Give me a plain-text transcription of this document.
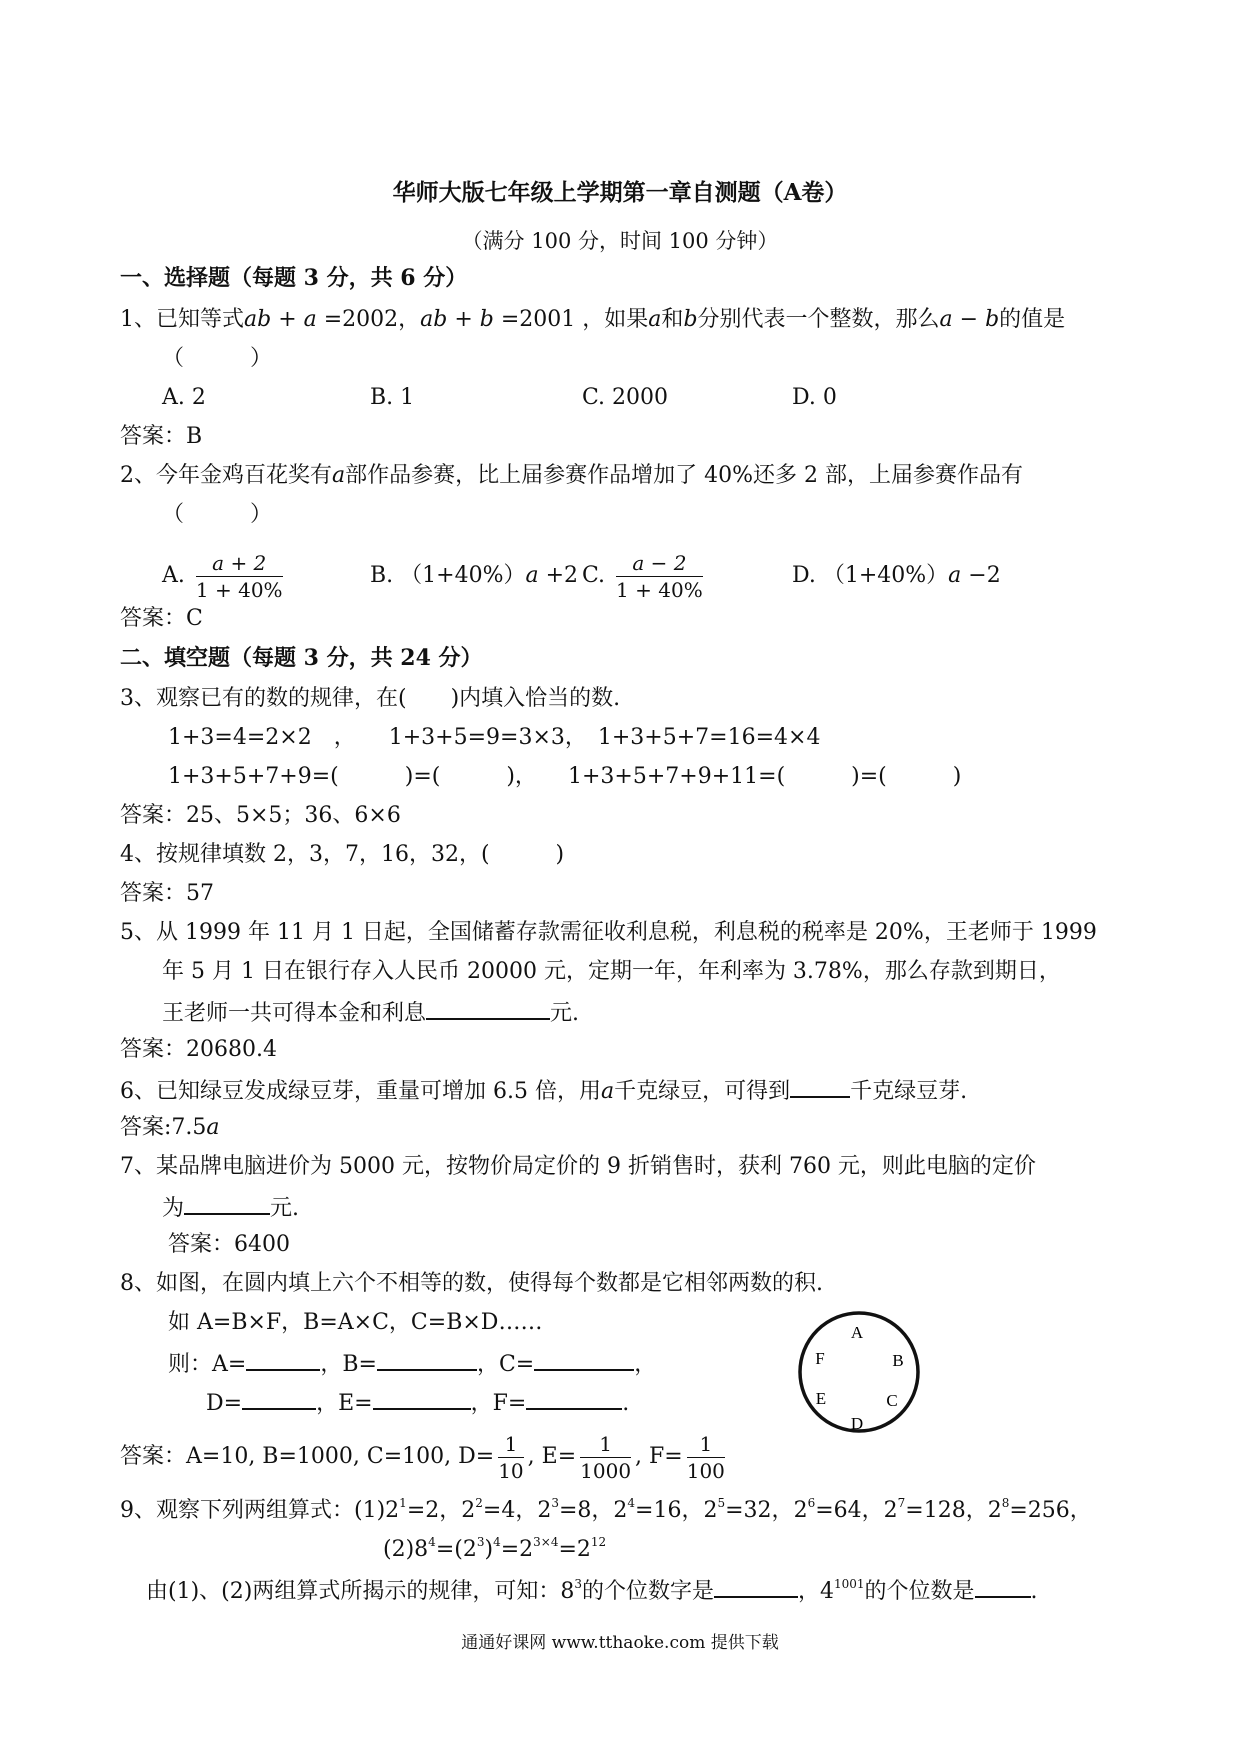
华师大版七年级上学期第一章自测题（A卷）
（满分 100 分，时间 100 分钟）
一、选择题（每题 3 分，共 6 分）
1、已知等式ab + a =2002，ab + b =2001 ，如果a和b分别代表一个整数，那么a − b的值是
（　　　）
A. 2	B. 1	C. 2000	D. 0
答案：B
2、今年金鸡百花奖有a部作品参赛，比上届参赛作品增加了 40%还多 2 部，上届参赛作品有
（　　　）
A. $\frac{a + 2}{1 + 40\%}$	B. （1+40%）a +2 C. $\frac{a - 2}{1 + 40\%}$	D. （1+40%）a −2
答案：C
二、填空题（每题 3 分，共 24 分）
3、观察已有的数的规律，在(　　)内填入恰当的数.
1+3=4=2×2　，　　1+3+5=9=3×3，　1+3+5+7=16=4×4
1+3+5+7+9=(　　　)=(　　　)， 1+3+5+7+9+11=(　　　)=(　　　)
答案：25、5×5；36、6×6
4、按规律填数 2，3，7，16，32，(　　　)
答案：57
5、从 1999 年 11 月 1 日起，全国储蓄存款需征收利息税，利息税的税率是 20%，王老师于 1999
年 5 月 1 日在银行存入人民币 20000 元，定期一年，年利率为 3.78%，那么存款到期日，
王老师一共可得本金和利息	元.
答案：20680.4
6、已知绿豆发成绿豆芽，重量可增加 6.5 倍，用a千克绿豆，可得到	千克绿豆芽.
答案:7.5a
7、某品牌电脑进价为 5000 元，按物价局定价的 9 折销售时，获利 760 元，则此电脑的定价
为	元.
答案：6400
8、如图，在圆内填上六个不相等的数，使得每个数都是它相邻两数的积.
如 A=B×F，B=A×C，C=B×D……
则：A=	，B=	，C=	，
D=	，E=	，F=	.
A
B
C
D
E
F
答案：A=10, B=1000, C=100, $D= \frac{1}{10}$ , $E= \frac{1}{1000}$ , $F= \frac{1}{100}$
9、观察下列两组算式：$(1)2^1=2$，$2^2=4$，$2^3=8$，$2^4=16$，$2^5=32$，$2^6=64$，$2^7=128$，$2^8=256$，
$(2)8^4=(2^3)^4=2^{3\times 4}=2^{12}$
由(1)、(2)两组算式所揭示的规律，可知：$8^3$的个位数字是	，$4^{1001}$的个位数是	.
通通好课网 www.tthaoke.com 提供下载
